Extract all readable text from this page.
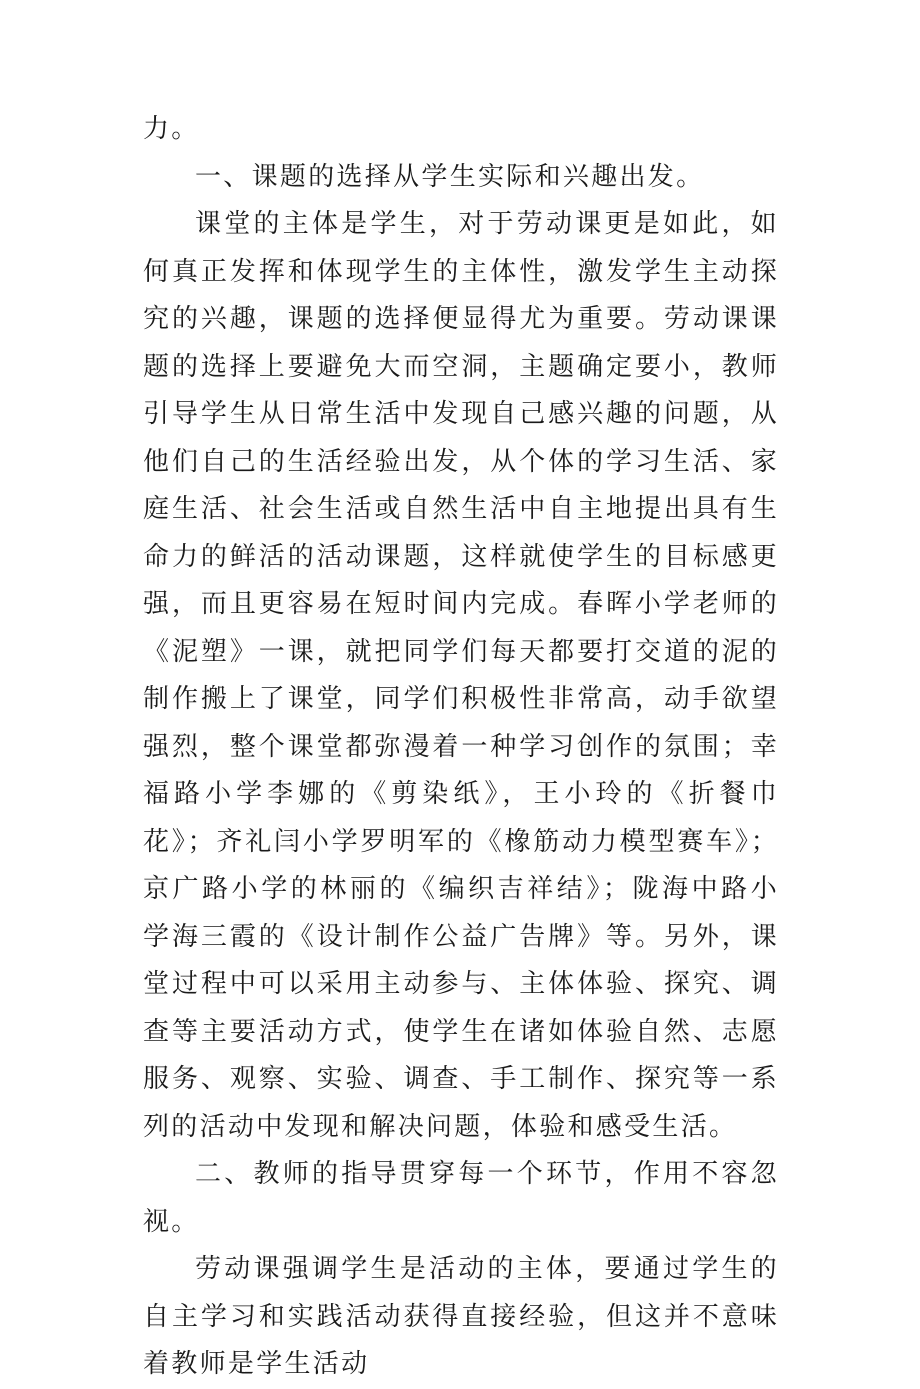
力。

一、课题的选择从学生实际和兴趣出发。

课堂的主体是学生，对于劳动课更是如此，如何真正发挥和体现学生的主体性，激发学生主动探究的兴趣，课题的选择便显得尤为重要。劳动课课题的选择上要避免大而空洞，主题确定要小，教师引导学生从日常生活中发现自己感兴趣的问题，从他们自己的生活经验出发，从个体的学习生活、家庭生活、社会生活或自然生活中自主地提出具有生命力的鲜活的活动课题，这样就使学生的目标感更强，而且更容易在短时间内完成。春晖小学老师的《泥塑》一课，就把同学们每天都要打交道的泥的制作搬上了课堂，同学们积极性非常高，动手欲望强烈，整个课堂都弥漫着一种学习创作的氛围；幸福路小学李娜的《剪染纸》，王小玲的《折餐巾花》；齐礼闫小学罗明军的《橡筋动力模型赛车》；京广路小学的林丽的《编织吉祥结》；陇海中路小学海三霞的《设计制作公益广告牌》等。另外，课堂过程中可以采用主动参与、主体体验、探究、调查等主要活动方式，使学生在诸如体验自然、志愿服务、观察、实验、调查、手工制作、探究等一系列的活动中发现和解决问题，体验和感受生活。

二、教师的指导贯穿每一个环节，作用不容忽视。

劳动课强调学生是活动的主体，要通过学生的自主学习和实践活动获得直接经验，但这并不意味着教师是学生活动
